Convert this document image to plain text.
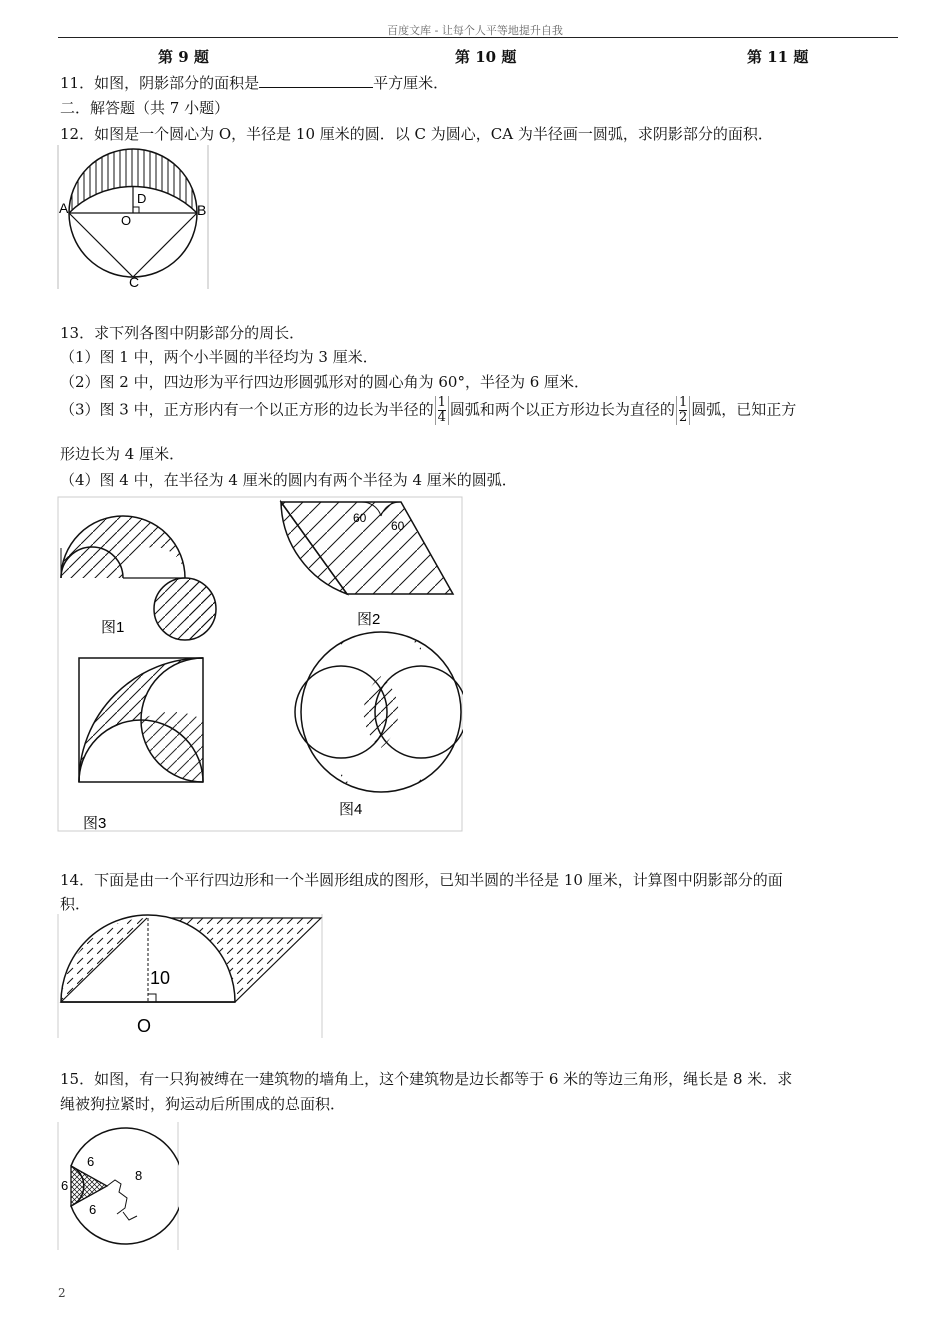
百度文库 - 让每个人平等地提升自我
第 9 题	第 10 题	第 11 题
11．如图，阴影部分的面积是	平方厘米．
二．解答题（共 7 小题）
12．如图是一个圆心为 O，半径是 10 厘米的圆．以 C 为圆心，CA 为半径画一圆弧，求阴影部分的面积．
A	B
C
D
O
13．求下列各图中阴影部分的周长．
（1）图 1 中，两个小半圆的半径均为 3 厘米．
（2）图 2 中，四边形为平行四边形圆弧形对的圆心角为 60°，半径为 6 厘米．
（3）图 3 中，正方形内有一个以正方形的边长为半径的 $\frac{1}{4}$ 圆弧和两个以正方形边长为直径的 $\frac{1}{2}$ 圆弧，已知正方
形边长为 4 厘米．
（4）图 4 中，在半径为 4 厘米的圆内有两个半径为 4 厘米的圆弧．
图1
60
60
图2
图3
图4
14．下面是由一个平行四边形和一个半圆形组成的图形，已知半圆的半径是 10 厘米，计算图中阴影部分的面
积．
10
O
15．如图，有一只狗被缚在一建筑物的墙角上，这个建筑物是边长都等于 6 米的等边三角形，绳长是 8 米．求
绳被狗拉紧时，狗运动后所围成的总面积．
6
6
6
8
2
